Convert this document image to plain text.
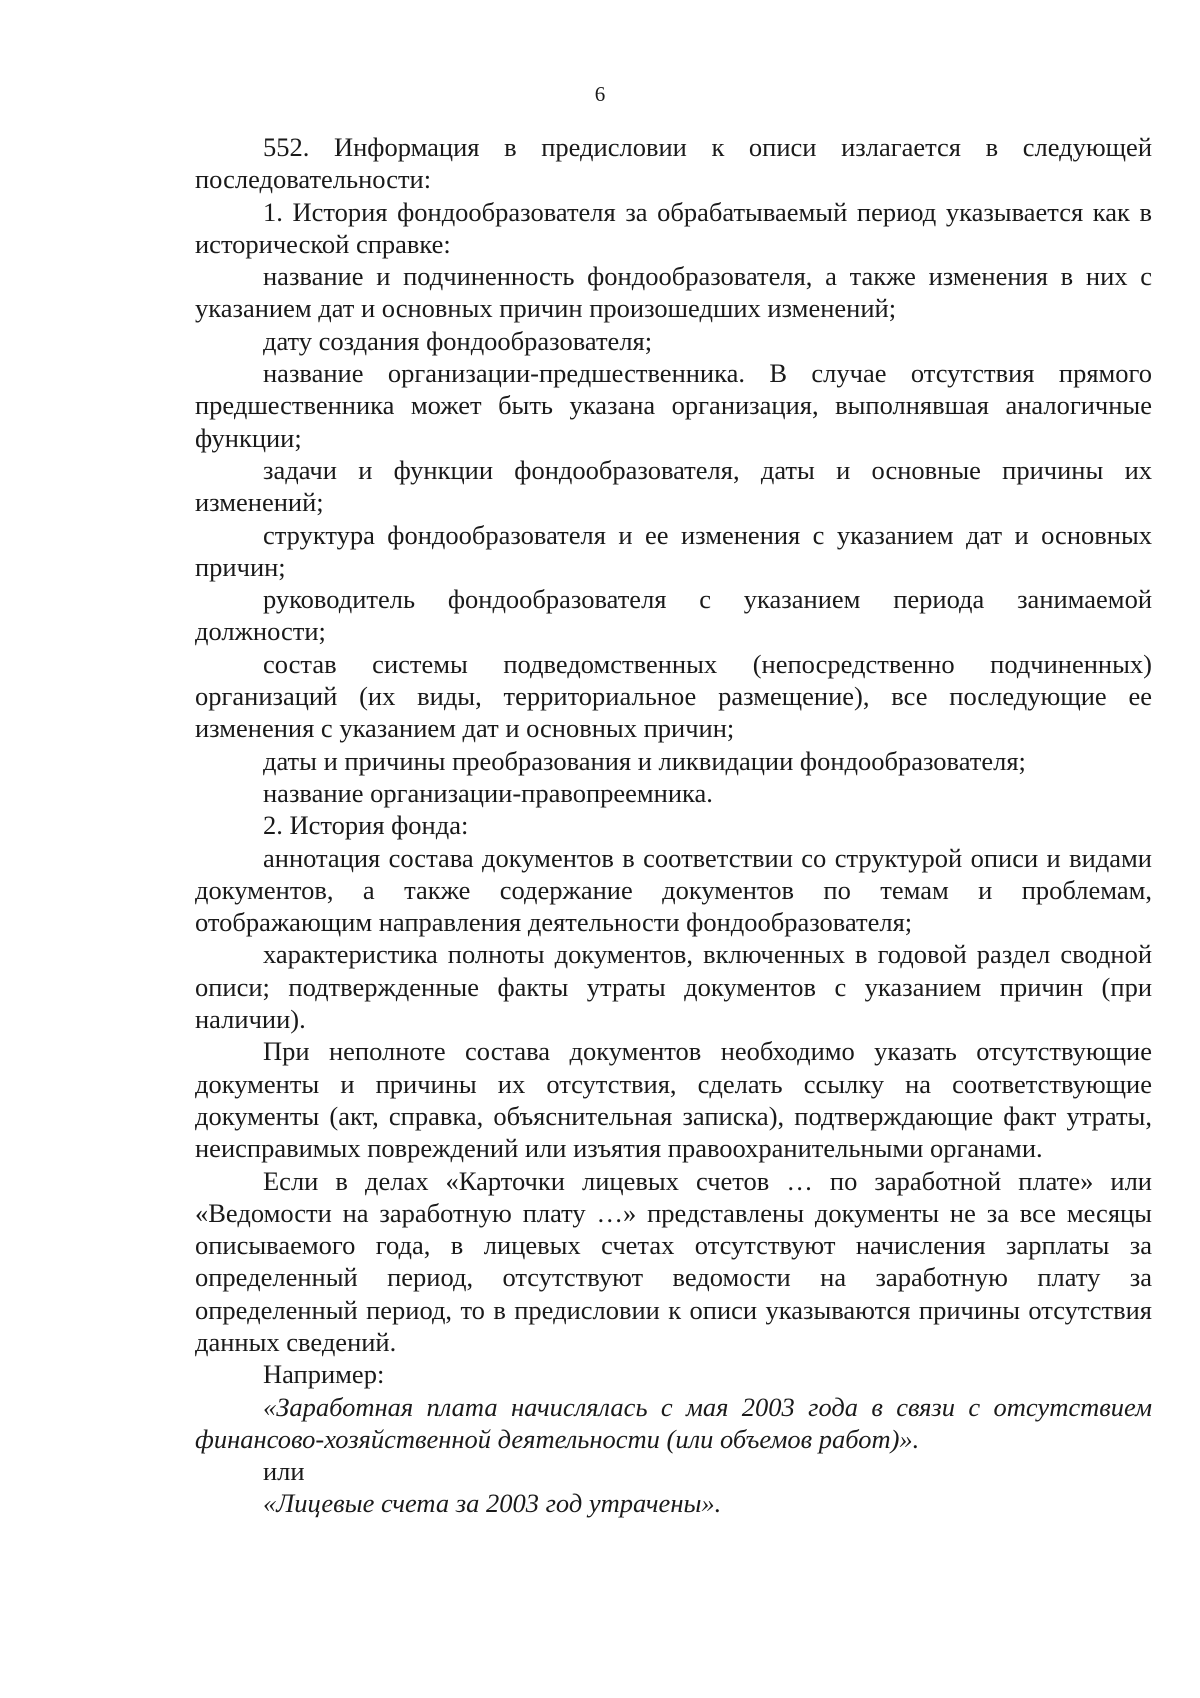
6

552. Информация в предисловии к описи излагается в следующей последовательности:

1. История фондообразователя за обрабатываемый период указывается как в исторической справке:

название и подчиненность фондообразователя, а также изменения в них с указанием дат и основных причин произошедших изменений;

дату создания фондообразователя;

название организации-предшественника. В случае отсутствия прямого предшественника может быть указана организация, выполнявшая аналогичные функции;

задачи и функции фондообразователя, даты и основные причины их изменений;

структура фондообразователя и ее изменения с указанием дат и основных причин;

руководитель фондообразователя с указанием периода занимаемой должности;

состав системы подведомственных (непосредственно подчиненных) организаций (их виды, территориальное размещение), все последующие ее изменения с указанием дат и основных причин;

даты и причины преобразования и ликвидации фондообразователя;

название организации-правопреемника.

2. История фонда:

аннотация состава документов в соответствии со структурой описи и видами документов, а также содержание документов по темам и проблемам, отображающим направления деятельности фондообразователя;

характеристика полноты документов, включенных в годовой раздел сводной описи; подтвержденные факты утраты документов с указанием причин (при наличии).

При неполноте состава документов необходимо указать отсутствующие документы и причины их отсутствия, сделать ссылку на соответствующие документы (акт, справка, объяснительная записка), подтверждающие факт утраты, неисправимых повреждений или изъятия правоохранительными органами.

Если в делах «Карточки лицевых счетов … по заработной плате» или «Ведомости на заработную плату …» представлены документы не за все месяцы описываемого года, в лицевых счетах отсутствуют начисления зарплаты за определенный период, отсутствуют ведомости на заработную плату за определенный период, то в предисловии к описи указываются причины отсутствия данных сведений.

Например:

«Заработная плата начислялась с мая 2003 года в связи с отсутствием финансово-хозяйственной деятельности (или объемов работ)».

или

«Лицевые счета за 2003 год утрачены».
